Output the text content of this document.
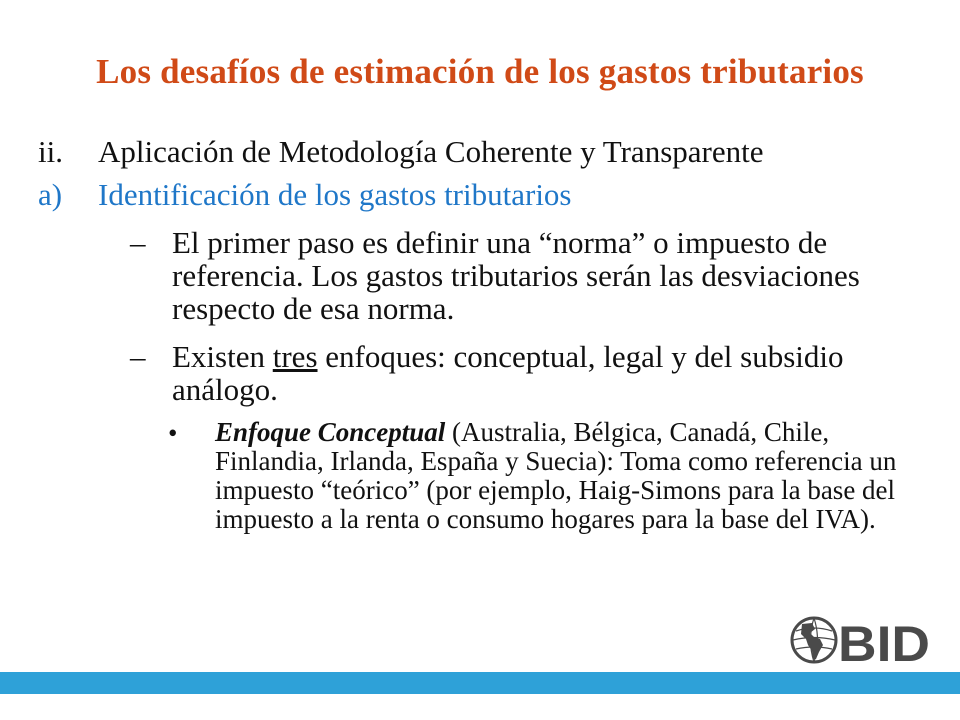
Los desafíos de estimación de los gastos tributarios
ii. Aplicación de Metodología Coherente y Transparente
a) Identificación de los gastos tributarios
– El primer paso es definir una “norma” o impuesto de referencia. Los gastos tributarios serán las desviaciones respecto de esa norma.
– Existen tres enfoques: conceptual, legal y del subsidio análogo.
• Enfoque Conceptual (Australia, Bélgica, Canadá, Chile, Finlandia, Irlanda, España y Suecia): Toma como referencia un impuesto “teórico” (por ejemplo, Haig-Simons para la base del impuesto a la renta o consumo hogares para la base del IVA).
BID
